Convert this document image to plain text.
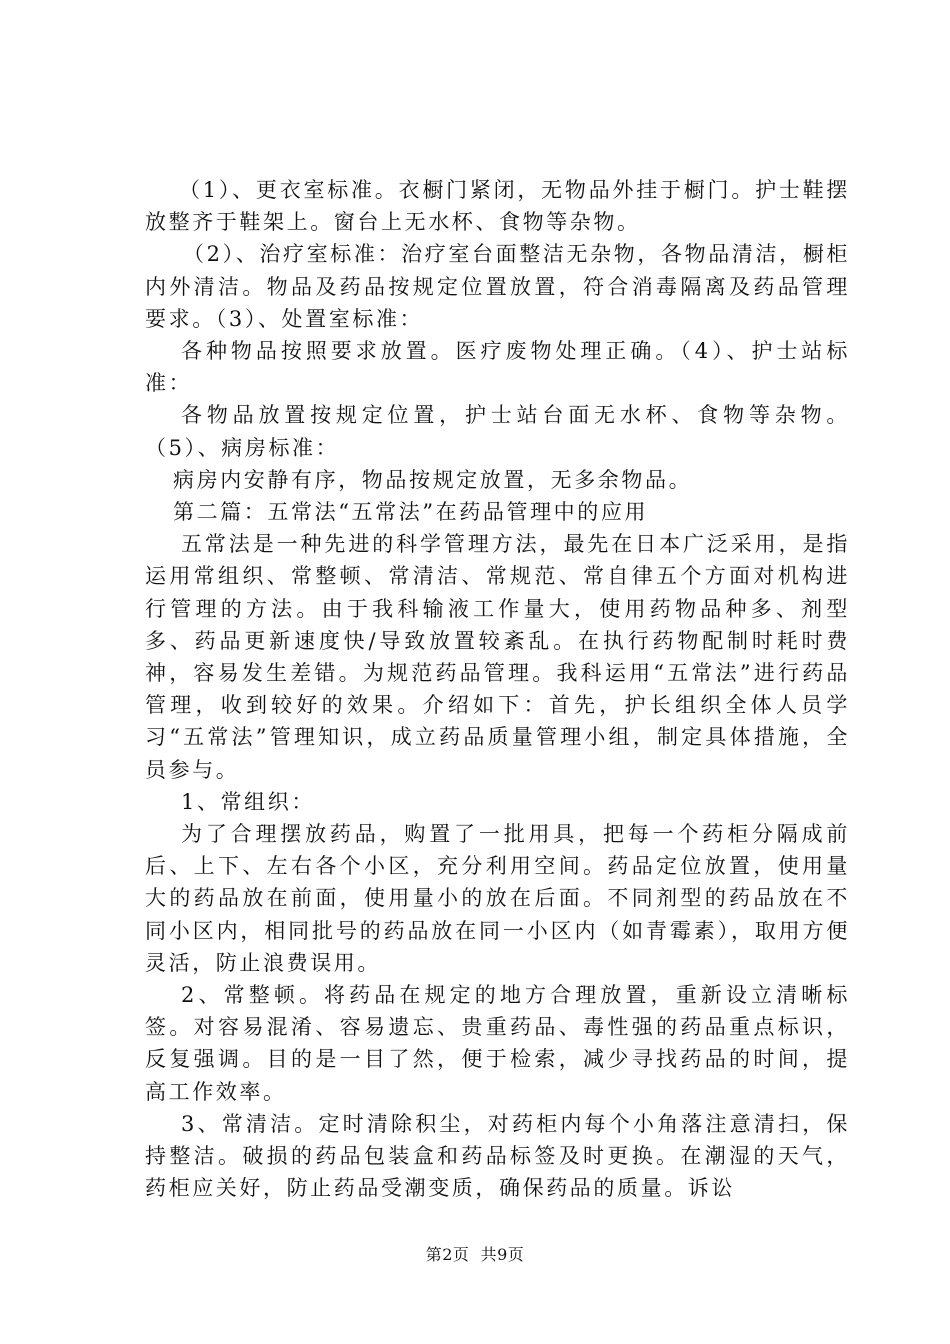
（1）、更衣室标准。衣橱门紧闭，无物品外挂于橱门。护士鞋摆放整齐于鞋架上。窗台上无水杯、食物等杂物。

（2）、治疗室标准：治疗室台面整洁无杂物，各物品清洁，橱柜内外清洁。物品及药品按规定位置放置，符合消毒隔离及药品管理要求。（3）、处置室标准：

各种物品按照要求放置。医疗废物处理正确。（4）、护士站标准：

各物品放置按规定位置，护士站台面无水杯、食物等杂物。（5）、病房标准：

病房内安静有序，物品按规定放置，无多余物品。

第二篇：五常法“五常法”在药品管理中的应用

五常法是一种先进的科学管理方法，最先在日本广泛采用，是指运用常组织、常整顿、常清洁、常规范、常自律五个方面对机构进行管理的方法。由于我科输液工作量大，使用药物品种多、剂型多、药品更新速度快/导致放置较紊乱。在执行药物配制时耗时费神，容易发生差错。为规范药品管理。我科运用“五常法”进行药品管理，收到较好的效果。介绍如下：首先，护长组织全体人员学习“五常法”管理知识，成立药品质量管理小组，制定具体措施，全员参与。

1、常组织：

为了合理摆放药品，购置了一批用具，把每一个药柜分隔成前后、上下、左右各个小区，充分利用空间。药品定位放置，使用量大的药品放在前面，使用量小的放在后面。不同剂型的药品放在不同小区内，相同批号的药品放在同一小区内（如青霉素），取用方便灵活，防止浪费误用。

2、常整顿。将药品在规定的地方合理放置，重新设立清晰标签。对容易混淆、容易遗忘、贵重药品、毒性强的药品重点标识，反复强调。目的是一目了然，便于检索，减少寻找药品的时间，提高工作效率。

3、常清洁。定时清除积尘，对药柜内每个小角落注意清扫，保持整洁。破损的药品包装盒和药品标签及时更换。在潮湿的天气，药柜应关好，防止药品受潮变质，确保药品的质量。诉讼

第2页  共9页
